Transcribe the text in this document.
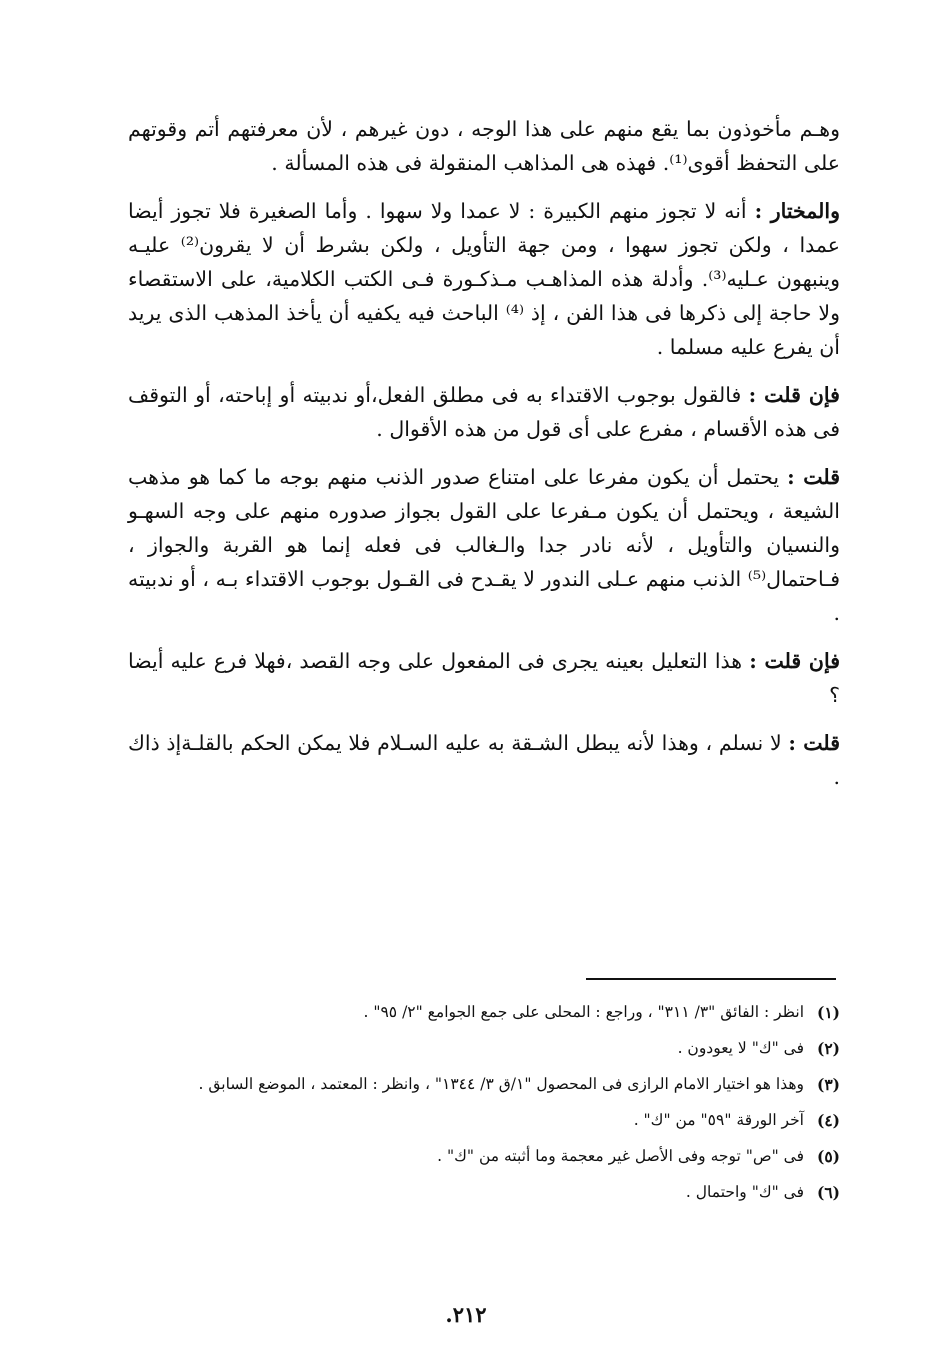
وهـم مأخوذون بما يقع منهم على هذا الوجه ، دون غيرهم ، لأن معرفتهم أتم وقوتهم على التحفظ أقوى⁽¹⁾. فهذه هى المذاهب المنقولة فى هذه المسألة .

والمختار : أنه لا تجوز منهم الكبيرة : لا عمدا ولا سهوا . وأما الصغيرة فلا تجوز أيضا عمدا ، ولكن تجوز سهوا ، ومن جهة التأويل ، ولكن بشرط أن لا يقرون⁽²⁾ عليـه وينبهون عـليه⁽³⁾. وأدلة هذه المذاهـب مـذكـورة فـى الكتب الكلامية، على الاستقصاء ولا حاجة إلى ذكرها فى هذا الفن ، إذ ⁽⁴⁾ الباحث فيه يكفيه أن يأخذ المذهب الذى يريد أن يفرع عليه مسلما .

فإن قلت : فالقول بوجوب الاقتداء به فى مطلق الفعل،أو ندبيته أو إباحته، أو التوقف فى هذه الأقسام ، مفرع على أى قول من هذه الأقوال .

قلت : يحتمل أن يكون مفرعا على امتناع صدور الذنب منهم بوجه ما كما هو مذهب الشيعة ، ويحتمل أن يكون مـفرعا على القول بجواز صدوره منهم على وجه السهـو والنسيان والتأويل ، لأنه نادر جدا والـغالب فى فعله إنما هو القربة والجواز ، فـاحتمال⁽⁵⁾ الذنب منهم عـلى الندور لا يقـدح فى القـول بوجوب الاقتداء بـه ، أو ندبيته .

فإن قلت : هذا التعليل بعينه يجرى فى المفعول على وجه القصد ،فهلا فرع عليه أيضا ؟

قلت : لا نسلم ، وهذا لأنه يبطل الشـقة به عليه السـلام فلا يمكن الحكم بالقلـةإذ ذاك .

(١)
انظر : الفائق "٣/ ٣١١" ، وراجع : المحلى على جمع الجوامع "٢/ ٩٥" .
(٢)
فى "ك" لا يعودون .
(٣)
وهذا هو اختيار الامام الرازى فى المحصول "١/ق ٣/ ١٣٤٤" ، وانظر : المعتمد ، الموضع السابق .
(٤)
آخر الورقة "٥٩" من "ك" .
(٥)
فى "ص" توجه وفى الأصل غير معجمة وما أثبته من "ك" .
(٦)
فى "ك" واحتمال .
٢١٢.
